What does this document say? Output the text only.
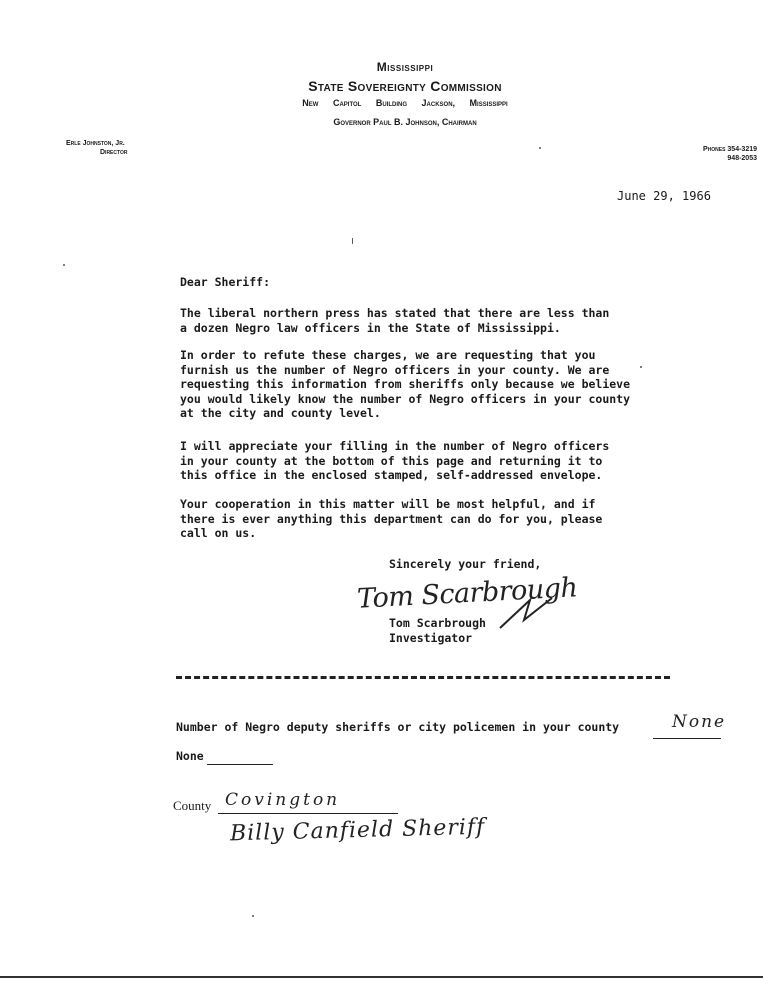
Mississippi
State Sovereignty Commission
New Capitol Building Jackson, Mississippi
Governor Paul B. Johnson, Chairman
Erle Johnston, Jr.
Director	Phones 354-3219
948-2053
June 29, 1966
Dear Sheriff:
The liberal northern press has stated that there are less than
a dozen Negro law officers in the State of Mississippi.
In order to refute these charges, we are requesting that you
furnish us the number of Negro officers in your county. We are
requesting this information from sheriffs only because we believe
you would likely know the number of Negro officers in your county
at the city and county level.
I will appreciate your filling in the number of Negro officers
in your county at the bottom of this page and returning it to
this office in the enclosed stamped, self-addressed envelope.
Your cooperation in this matter will be most helpful, and if
there is ever anything this department can do for you, please
call on us.
Sincerely your friend,
Tom Scarbrough
Tom Scarbrough
Investigator
Number of Negro deputy sheriffs or city policemen in your county	None
None
County Covington
Billy Canfield Sheriff
